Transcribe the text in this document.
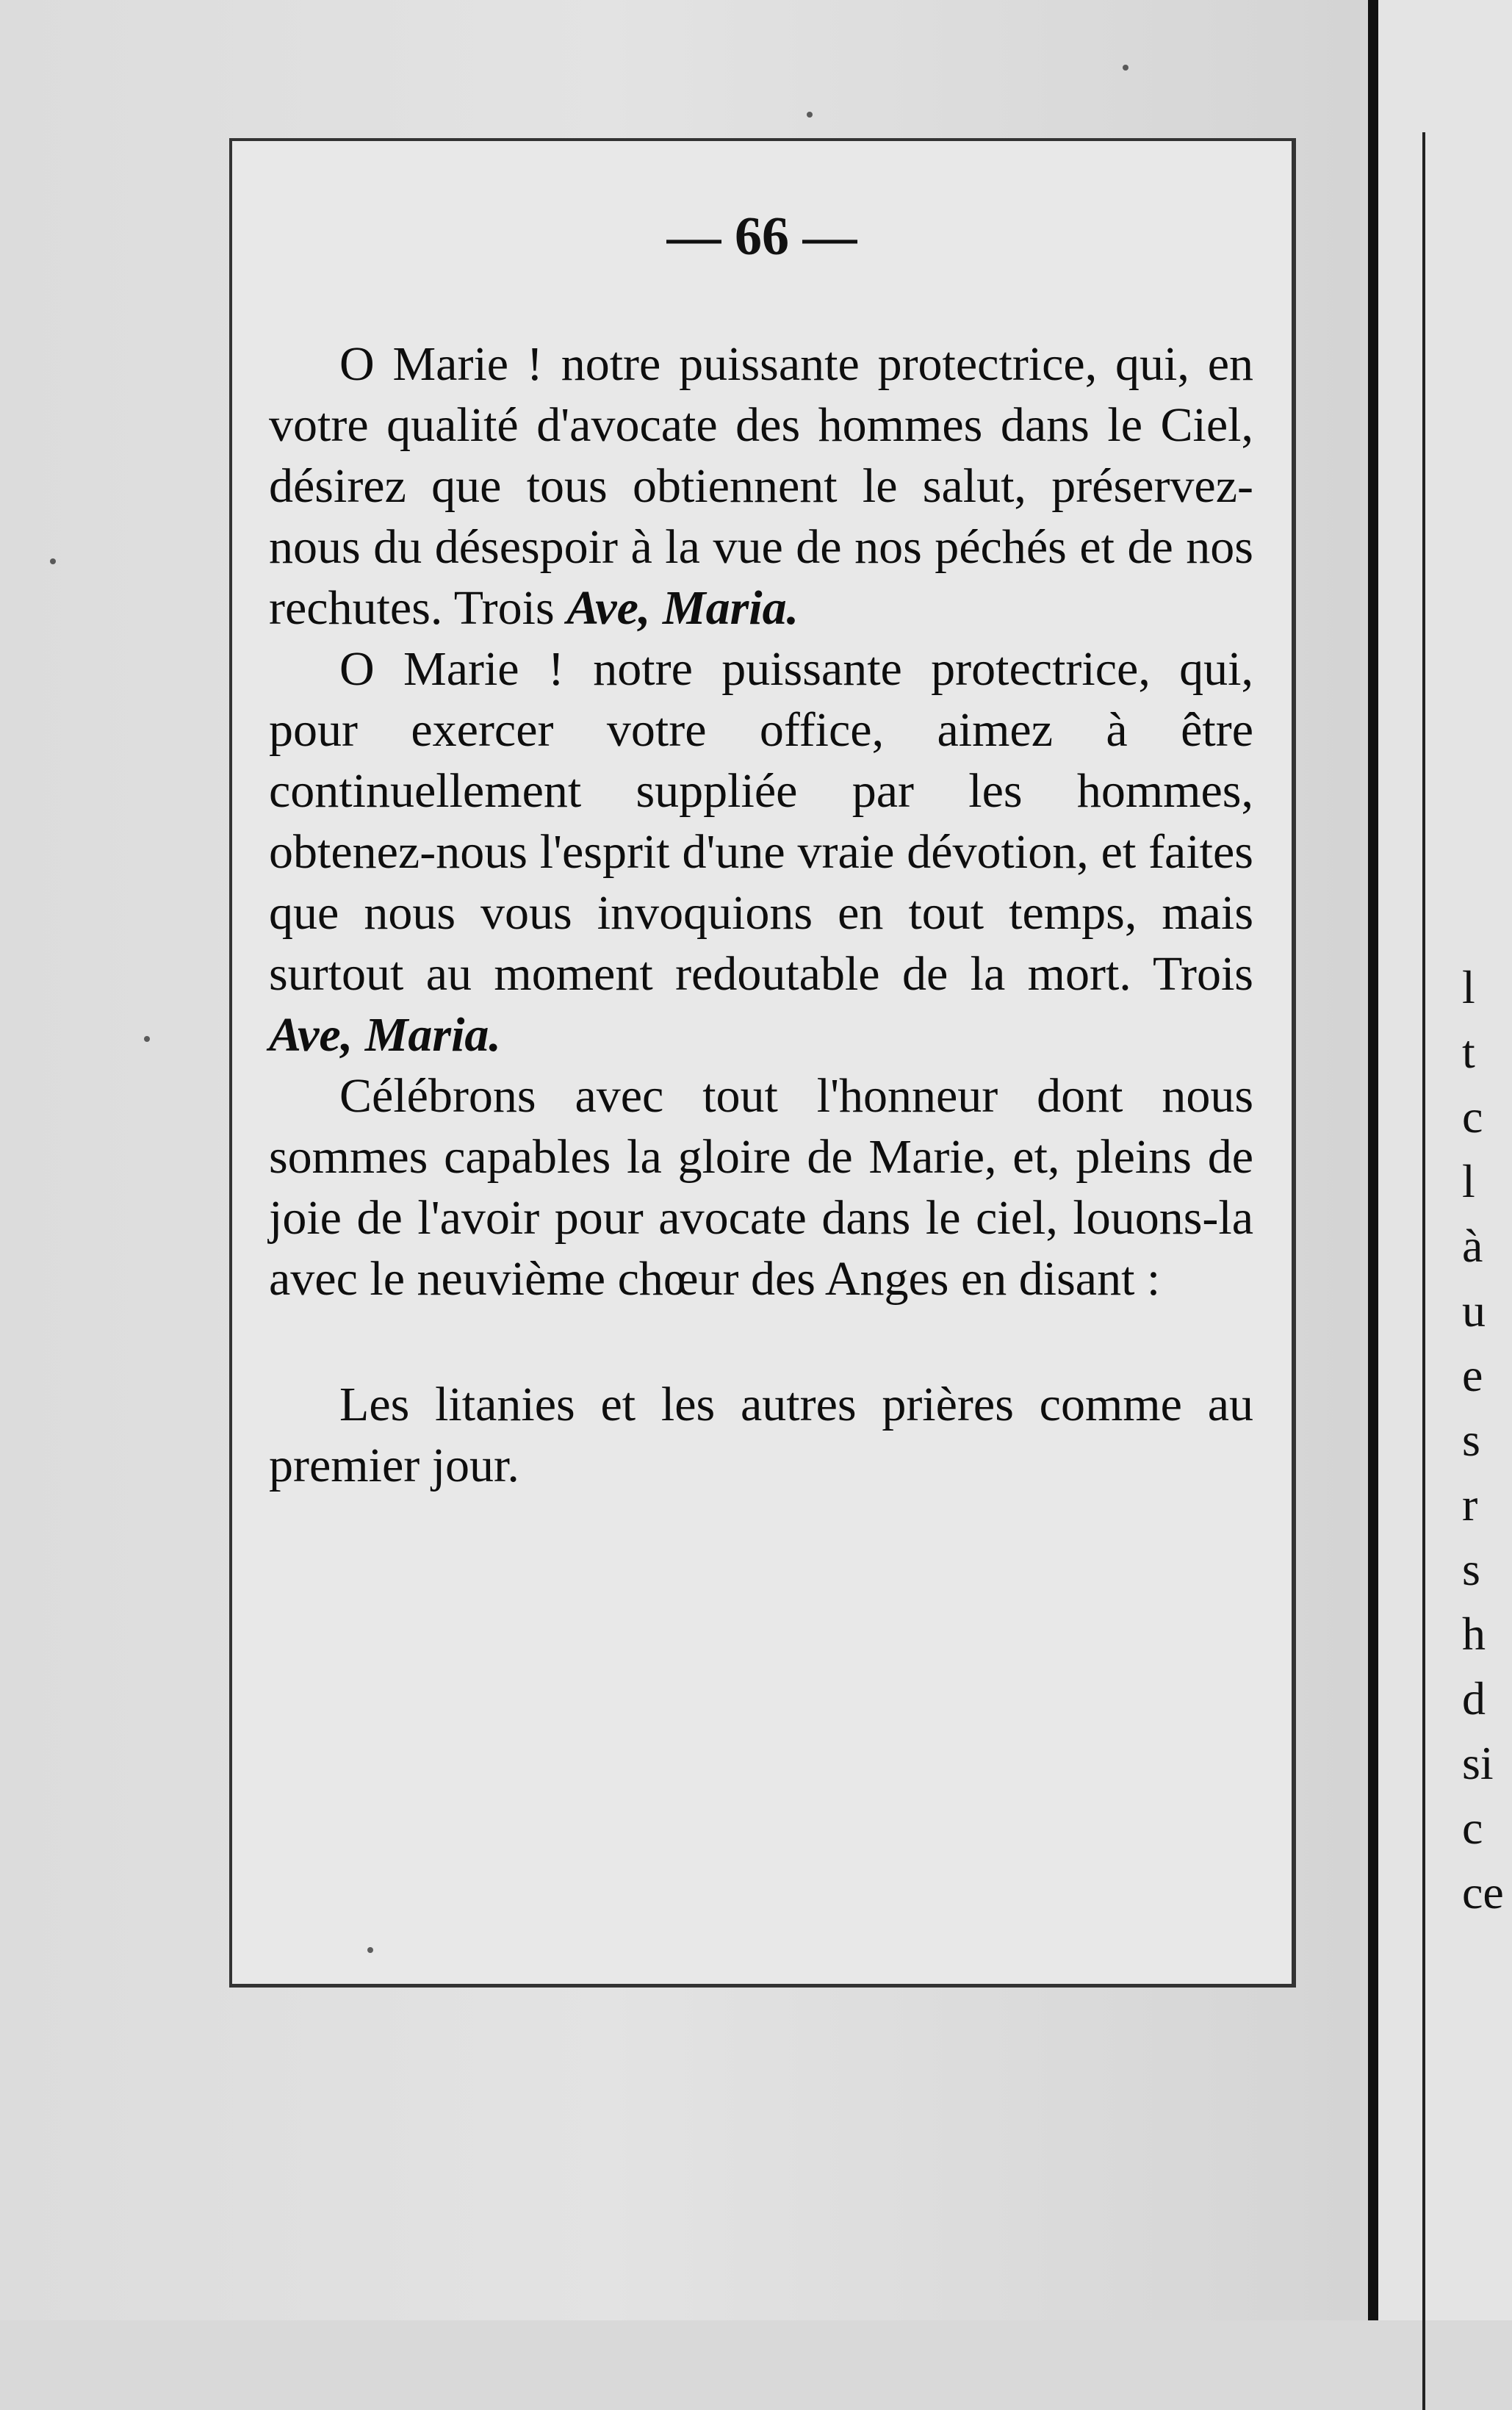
— 66 —

O Marie ! notre puissante protectrice, qui, en votre qualité d'avocate des hommes dans le Ciel, désirez que tous obtiennent le salut, préservez-nous du désespoir à la vue de nos péchés et de nos rechutes. Trois Ave, Maria.

O Marie ! notre puissante protectrice, qui, pour exercer votre office, aimez à être continuellement suppliée par les hommes, obtenez-nous l'esprit d'une vraie dévotion, et faites que nous vous invoquions en tout temps, mais surtout au moment redoutable de la mort. Trois Ave, Maria.

Célébrons avec tout l'honneur dont nous sommes capables la gloire de Marie, et, pleins de joie de l'avoir pour avocate dans le ciel, louons-la avec le neuvième chœur des Anges en disant :

Les litanies et les autres prières comme au premier jour.

l
t
c
l
à
u
e
s
r
s
h
d
si
c
ce
